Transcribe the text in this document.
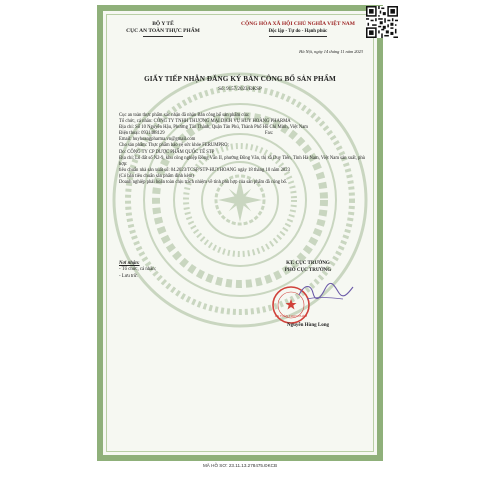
BỘ Y TẾ
CỤC AN TOÀN THỰC PHẨM
CỘNG HÒA XÃ HỘI CHỦ NGHĨA VIỆT NAM
Độc lập - Tự do - Hạnh phúc
Hà Nội, ngày 14 tháng 11 năm 2023
GIẤY TIẾP NHẬN ĐĂNG KÝ BẢN CÔNG BỐ SẢN PHẨM
Số: 9157/2023/ĐKSP

Cục an toàn thực phẩm xác nhận đã nhận Bản công bố sản phẩm của:

Tổ chức, cá nhân: CÔNG TY TNHH THƯƠNG MẠI DỊCH VỤ HUY HOÀNG PHARMA

Địa chỉ: Số 10 Nguyễn Hậu, Phường Tân Thành, Quận Tân Phú, Thành Phố Hồ Chí Minh, Việt Nam

Điện thoại: 0931488129	Fax:

Email: huyhoangpharma.vn@gmail.com

Cho sản phẩm: Thực phẩm bảo vệ sức khỏe FERUMPRO;

Do: CÔNG TY CP DƯỢC PHẨM QUỐC TẾ STP

Địa chỉ: Lô đất số N2-9, khu công nghiệp Đồng Văn II, phường Đồng Văn, thị xã Duy Tiên, Tỉnh Hà Nam, Việt Nam sản xuất, phù hợp:

tiêu chuẩn nhà sản xuất số: 04.2023/TCSP/STP-HUYHOANG ngày 18 tháng 10 năm 2023

(Có bản tiêu chuẩn sản phẩm đính kèm)

Doanh nghiệp phải hoàn toàn chịu trách nhiệm về tính phù hợp của sản phẩm đã công bố.

Nơi nhận:
- Tổ chức, cá nhân;
- Lưu trữ.
KT. CỤC TRƯỞNG
PHÓ CỤC TRƯỞNG
AN TOÀN THỰC PHẨM
Nguyễn Hùng Long
MÃ HỒ SƠ: 23.11.13.278475.ĐKCB
